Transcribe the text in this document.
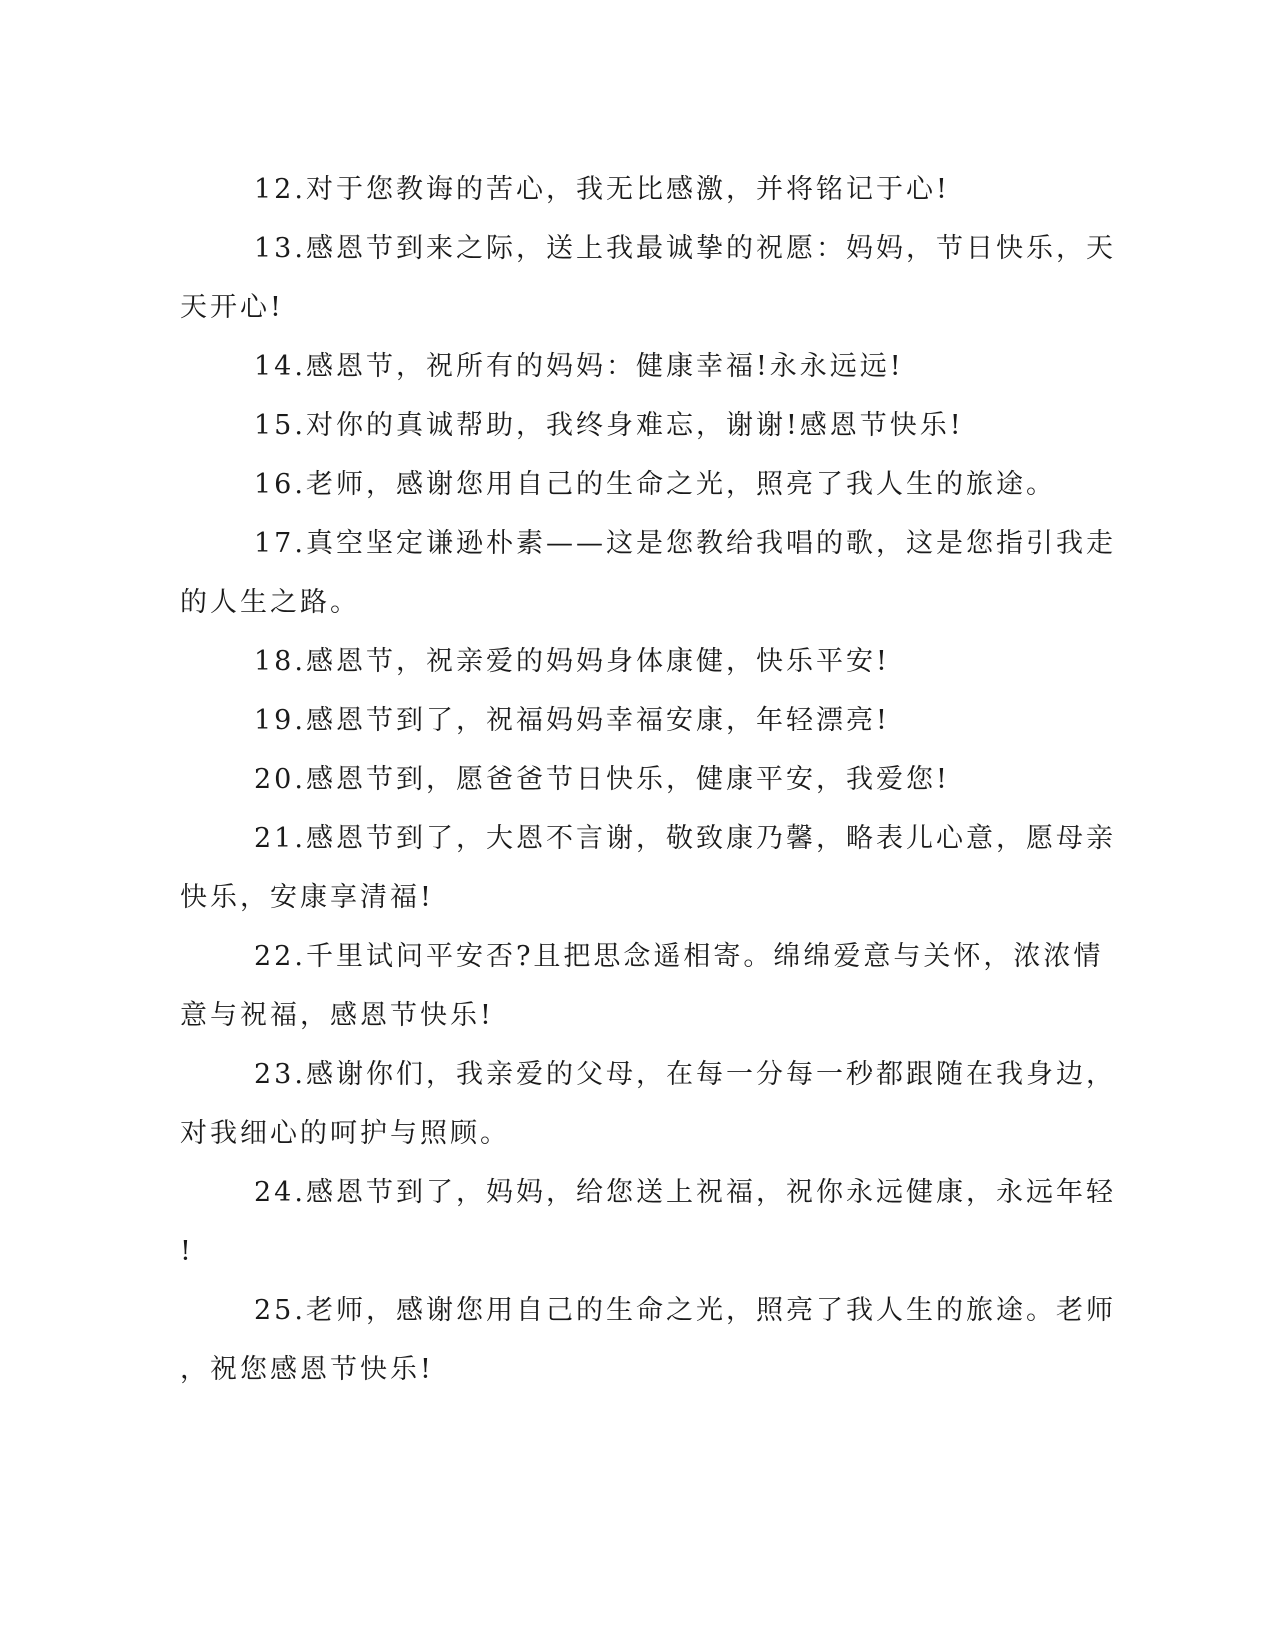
12.对于您教诲的苦心，我无比感激，并将铭记于心!
13.感恩节到来之际，送上我最诚挚的祝愿：妈妈，节日快乐，天
天开心!
14.感恩节，祝所有的妈妈：健康幸福!永永远远!
15.对你的真诚帮助，我终身难忘，谢谢!感恩节快乐!
16.老师，感谢您用自己的生命之光，照亮了我人生的旅途。
17.真空坚定谦逊朴素——这是您教给我唱的歌，这是您指引我走
的人生之路。
18.感恩节，祝亲爱的妈妈身体康健，快乐平安!
19.感恩节到了，祝福妈妈幸福安康，年轻漂亮!
20.感恩节到，愿爸爸节日快乐，健康平安，我爱您!
21.感恩节到了，大恩不言谢，敬致康乃馨，略表儿心意，愿母亲
快乐，安康享清福!
22.千里试问平安否?且把思念遥相寄。绵绵爱意与关怀，浓浓情
意与祝福，感恩节快乐!
23.感谢你们，我亲爱的父母，在每一分每一秒都跟随在我身边，
对我细心的呵护与照顾。
24.感恩节到了，妈妈，给您送上祝福，祝你永远健康，永远年轻
!
25.老师，感谢您用自己的生命之光，照亮了我人生的旅途。老师
，祝您感恩节快乐!
